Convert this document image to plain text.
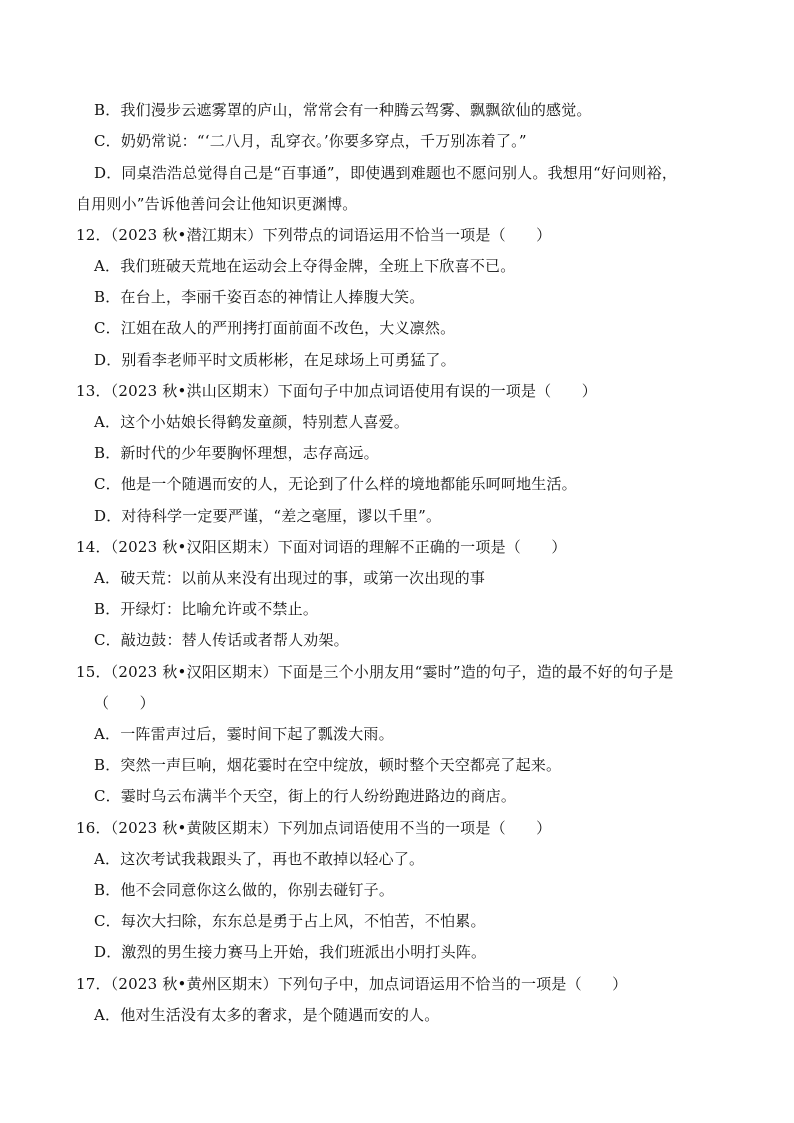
B．我们漫步云遮雾罩的庐山，常常会有一种腾云驾雾、飘飘欲仙的感觉。
C．奶奶常说：“‘二八月，乱穿衣。’你要多穿点，千万别冻着了。”
D．同桌浩浩总觉得自己是“百事通”，即使遇到难题也不愿问别人。我想用“好问则裕，
自用则小”告诉他善问会让他知识更渊博。
12．（2023 秋•潜江期末）下列带点的词语运用不恰当一项是（　　）
A．我们班破天荒地在运动会上夺得金牌，全班上下欣喜不已。
B．在台上，李丽千姿百态的神情让人捧腹大笑。
C．江姐在敌人的严刑拷打面前面不改色，大义凛然。
D．别看李老师平时文质彬彬，在足球场上可勇猛了。
13．（2023 秋•洪山区期末）下面句子中加点词语使用有误的一项是（　　）
A．这个小姑娘长得鹤发童颜，特别惹人喜爱。
B．新时代的少年要胸怀理想，志存高远。
C．他是一个随遇而安的人，无论到了什么样的境地都能乐呵呵地生活。
D．对待科学一定要严谨，“差之毫厘，谬以千里”。
14．（2023 秋•汉阳区期末）下面对词语的理解不正确的一项是（　　）
A．破天荒：以前从来没有出现过的事，或第一次出现的事
B．开绿灯：比喻允许或不禁止。
C．敲边鼓：替人传话或者帮人劝架。
15．（2023 秋•汉阳区期末）下面是三个小朋友用“霎时”造的句子，造的最不好的句子是
（　　）
A．一阵雷声过后，霎时间下起了瓢泼大雨。
B．突然一声巨响，烟花霎时在空中绽放，顿时整个天空都亮了起来。
C．霎时乌云布满半个天空，街上的行人纷纷跑进路边的商店。
16．（2023 秋•黄陂区期末）下列加点词语使用不当的一项是（　　）
A．这次考试我栽跟头了，再也不敢掉以轻心了。
B．他不会同意你这么做的，你别去碰钉子。
C．每次大扫除，东东总是勇于占上风，不怕苦，不怕累。
D．激烈的男生接力赛马上开始，我们班派出小明打头阵。
17．（2023 秋•黄州区期末）下列句子中，加点词语运用不恰当的一项是（　　）
A．他对生活没有太多的奢求，是个随遇而安的人。
